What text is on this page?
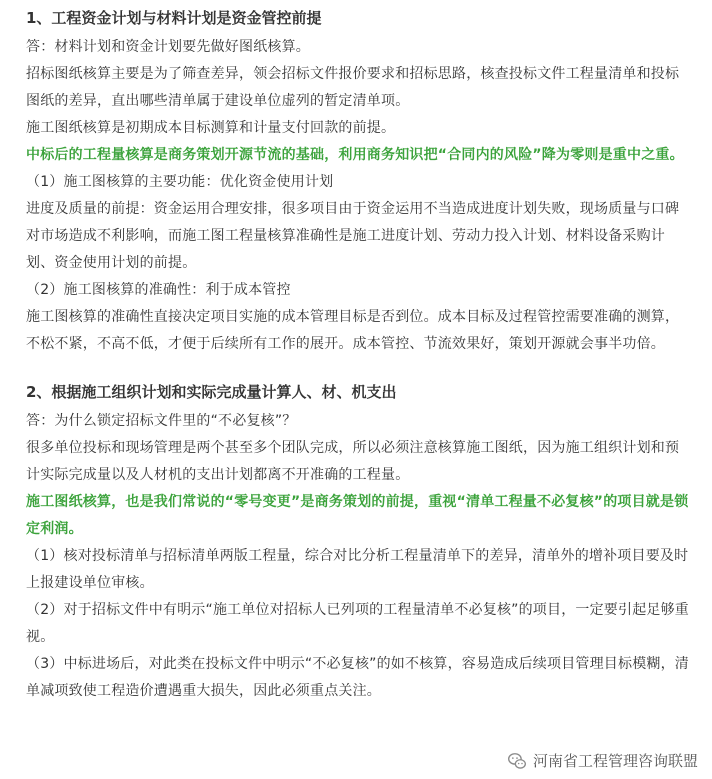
1、工程资金计划与材料计划是资金管控前提

答：材料计划和资金计划要先做好图纸核算。

招标图纸核算主要是为了筛查差异，领会招标文件报价要求和招标思路，核查投标文件工程量清单和投标图纸的差异，直出哪些清单属于建设单位虚列的暂定清单项。

施工图纸核算是初期成本目标测算和计量支付回款的前提。

中标后的工程量核算是商务策划开源节流的基础，利用商务知识把“合同内的风险”降为零则是重中之重。

（1）施工图核算的主要功能：优化资金使用计划

进度及质量的前提：资金运用合理安排，很多项目由于资金运用不当造成进度计划失败，现场质量与口碑对市场造成不利影响，而施工图工程量核算准确性是施工进度计划、劳动力投入计划、材料设备采购计划、资金使用计划的前提。

（2）施工图核算的准确性：利于成本管控

施工图核算的准确性直接决定项目实施的成本管理目标是否到位。成本目标及过程管控需要准确的测算，不松不紧，不高不低，才便于后续所有工作的展开。成本管控、节流效果好，策划开源就会事半功倍。

2、根据施工组织计划和实际完成量计算人、材、机支出

答：为什么锁定招标文件里的“不必复核”？

很多单位投标和现场管理是两个甚至多个团队完成，所以必须注意核算施工图纸，因为施工组织计划和预计实际完成量以及人材机的支出计划都离不开准确的工程量。

施工图纸核算，也是我们常说的“零号变更”是商务策划的前提，重视“清单工程量不必复核”的项目就是锁定利润。

（1）核对投标清单与招标清单两版工程量，综合对比分析工程量清单下的差异，清单外的增补项目要及时上报建设单位审核。

（2）对于招标文件中有明示“施工单位对招标人已列项的工程量清单不必复核”的项目，一定要引起足够重视。

（3）中标进场后，对此类在投标文件中明示“不必复核”的如不核算，容易造成后续项目管理目标模糊，清单减项致使工程造价遭遇重大损失，因此必须重点关注。

河南省工程管理咨询联盟
